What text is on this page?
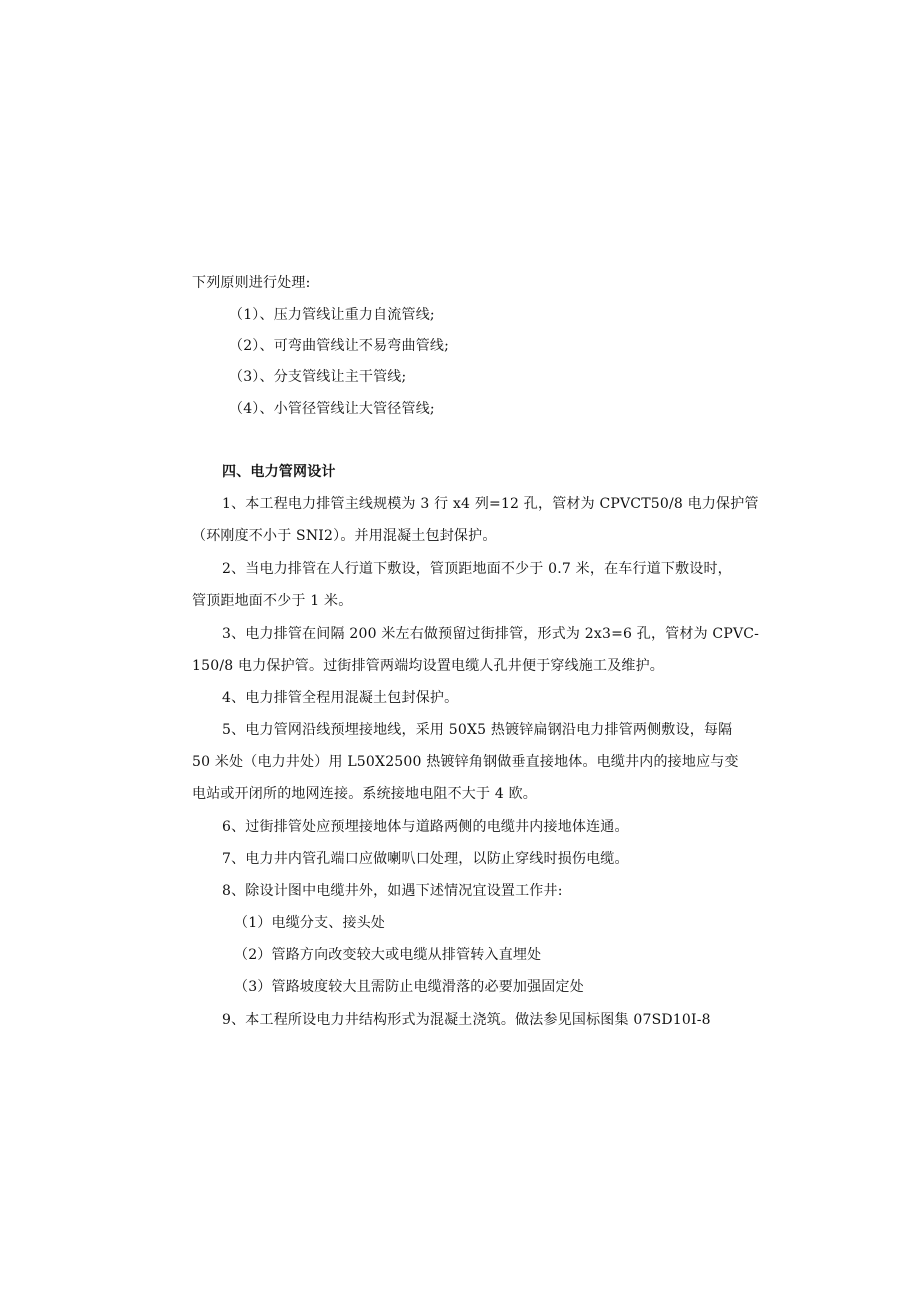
下列原则进行处理:
（1）、压力管线让重力自流管线;
（2）、可弯曲管线让不易弯曲管线;
（3）、分支管线让主干管线;
（4）、小管径管线让大管径管线;
四、电力管网设计
1、本工程电力排管主线规模为 3 行 x4 列=12 孔，管材为 CPVCT50/8 电力保护管
（环刚度不小于 SNI2）。并用混凝土包封保护。
2、当电力排管在人行道下敷设，管顶距地面不少于 0.7 米，在车行道下敷设时，
管顶距地面不少于 1 米。
3、电力排管在间隔 200 米左右做预留过街排管，形式为 2x3=6 孔，管材为 CPVC-
150/8 电力保护管。过街排管两端均设置电缆人孔井便于穿线施工及维护。
4、电力排管全程用混凝土包封保护。
5、电力管网沿线预埋接地线，采用 50X5 热镀锌扁钢沿电力排管两侧敷设，每隔
50 米处（电力井处）用 L50X2500 热镀锌角钢做垂直接地体。电缆井内的接地应与变
电站或开闭所的地网连接。系统接地电阻不大于 4 欧。
6、过街排管处应预埋接地体与道路两侧的电缆井内接地体连通。
7、电力井内管孔端口应做喇叭口处理，以防止穿线时损伤电缆。
8、除设计图中电缆井外，如遇下述情况宜设置工作井:
（1）电缆分支、接头处
（2）管路方向改变较大或电缆从排管转入直埋处
（3）管路坡度较大且需防止电缆滑落的必要加强固定处
9、本工程所设电力井结构形式为混凝土浇筑。做法参见国标图集 07SD10I-8
